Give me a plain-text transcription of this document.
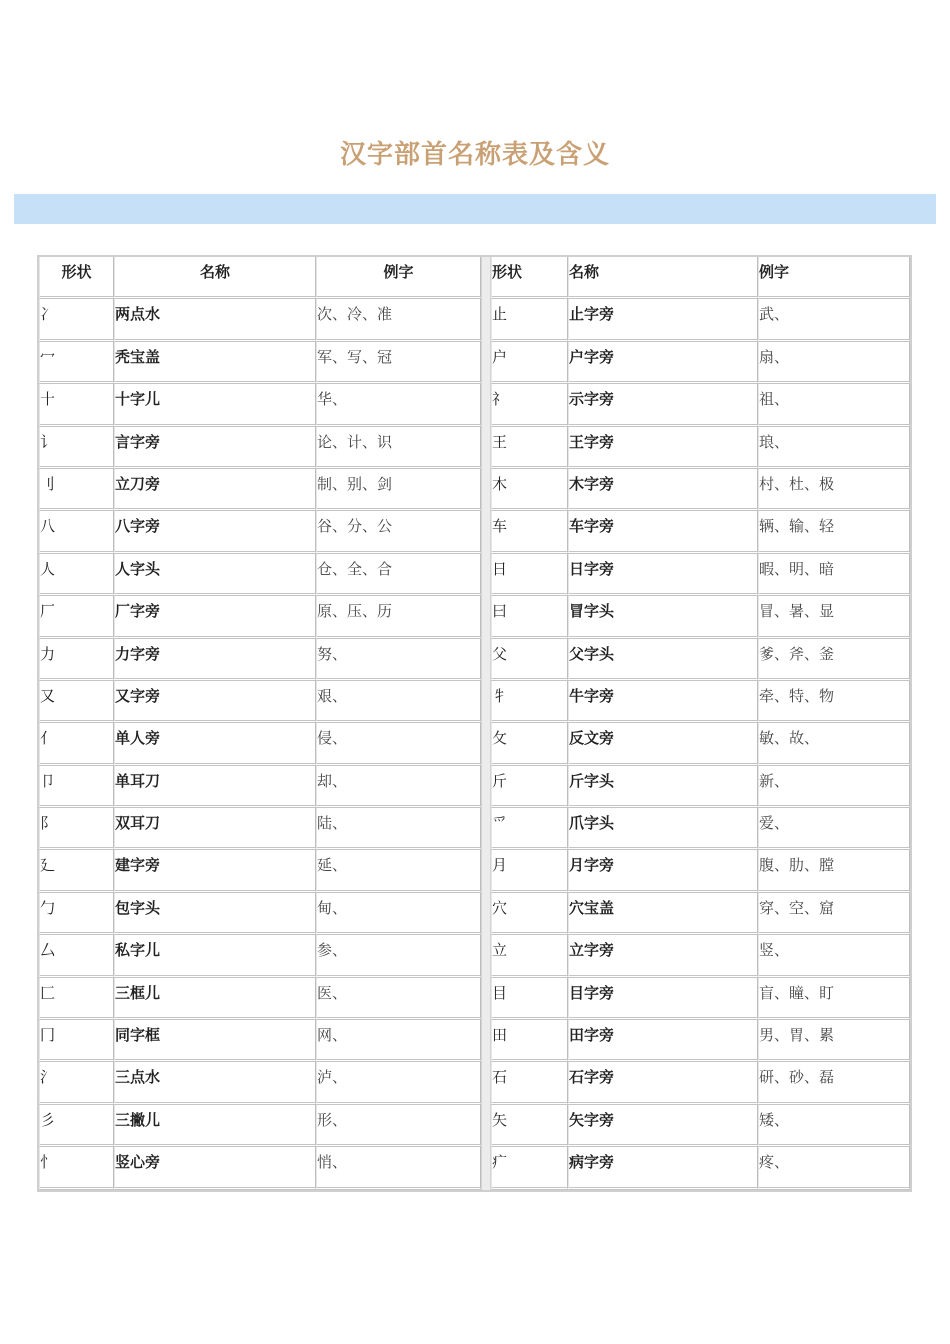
汉字部首名称表及含义
形状	名称	例字

冫	两点水	次、冷、准

冖	秃宝盖	军、写、冠

十	十字儿	华、

讠	言字旁	论、计、识

刂	立刀旁	制、别、剑

八	八字旁	谷、分、公

人	人字头	仓、全、合

厂	厂字旁	原、压、历

力	力字旁	努、

又	又字旁	艰、

亻	单人旁	侵、

卩	单耳刀	却、

阝	双耳刀	陆、

廴	建字旁	延、

勹	包字头	甸、

厶	私字儿	参、

匚	三框儿	医、

冂	同字框	网、

氵	三点水	泸、

彡	三撇儿	形、

忄	竖心旁	悄、
形状	名称	例字

止	止字旁	武、

户	户字旁	扇、

礻	示字旁	祖、

王	王字旁	琅、

木	木字旁	村、杜、极

车	车字旁	辆、输、轻

日	日字旁	暇、明、暗

曰	冒字头	冒、暑、显

父	父字头	爹、斧、釜

牜	牛字旁	牵、特、物

攵	反文旁	敏、故、

斤	斤字头	新、

爫	爪字头	爱、

月	月字旁	腹、肋、膛

穴	穴宝盖	穿、空、窟

立	立字旁	竖、

目	目字旁	盲、瞳、盯

田	田字旁	男、胃、累

石	石字旁	研、砂、磊

矢	矢字旁	矮、

疒	病字旁	疼、
